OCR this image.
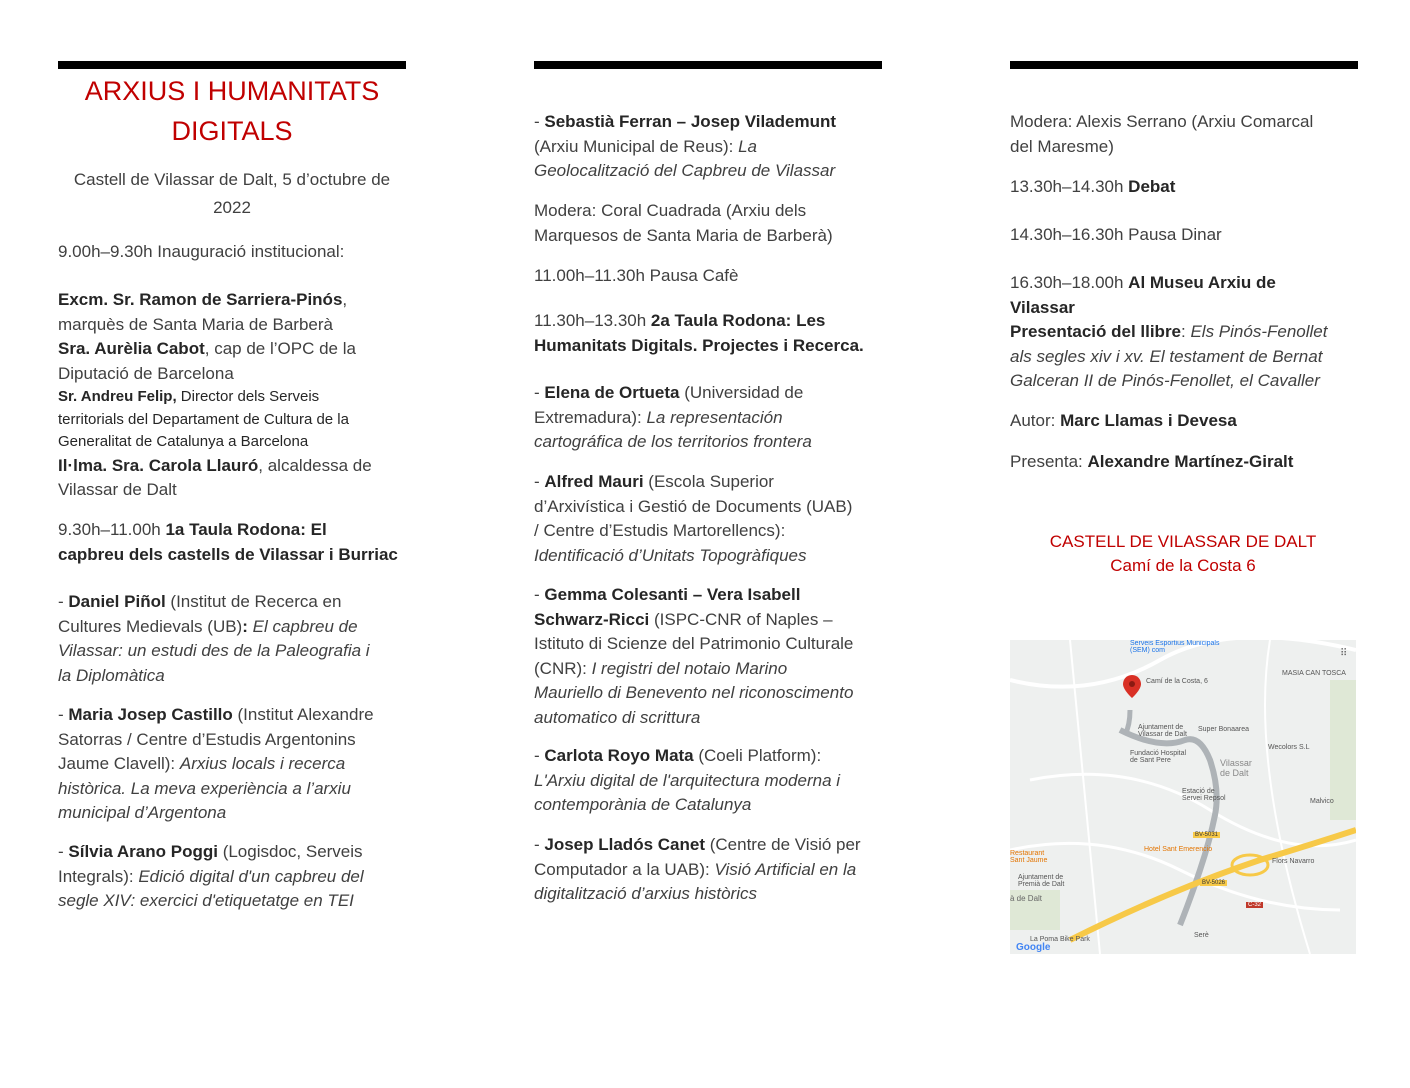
ARXIUS I HUMANITATS
DIGITALS
Castell de Vilassar de Dalt, 5 d’octubre de
2022

9.00h–9.30h Inauguració institucional:

Excm. Sr. Ramon de Sarriera-Pinós,

marquès de Santa Maria de Barberà

Sra. Aurèlia Cabot, cap de l’OPC de la

Diputació de Barcelona

Sr. Andreu Felip, Director dels Serveis
territorials del Departament de Cultura de la
Generalitat de Catalunya a Barcelona

Il·lma. Sra. Carola Llauró, alcaldessa de

Vilassar de Dalt

9.30h–11.00h 1a Taula Rodona: El

capbreu dels castells de Vilassar i Burriac

- Daniel Piñol (Institut de Recerca en

Cultures Medievals (UB): El capbreu de

Vilassar: un estudi des de la Paleografia i

la Diplomàtica

- Maria Josep Castillo (Institut Alexandre

Satorras / Centre d’Estudis Argentonins

Jaume Clavell): Arxius locals i recerca

històrica. La meva experiència a l’arxiu

municipal d’Argentona

- Sílvia Arano Poggi (Logisdoc, Serveis

Integrals): Edició digital d'un capbreu del

segle XIV: exercici d'etiquetatge en TEI

- Sebastià Ferran – Josep Vilademunt

(Arxiu Municipal de Reus): La

Geolocalització del Capbreu de Vilassar

Modera: Coral Cuadrada (Arxiu dels

Marquesos de Santa Maria de Barberà)

11.00h–11.30h Pausa Cafè

11.30h–13.30h 2a Taula Rodona: Les

Humanitats Digitals. Projectes i Recerca.

- Elena de Ortueta (Universidad de

Extremadura): La representación

cartográfica de los territorios frontera

- Alfred Mauri (Escola Superior

d’Arxivística i Gestió de Documents (UAB)

/ Centre d’Estudis Martorellencs):

Identificació d’Unitats Topogràfiques

- Gemma Colesanti – Vera Isabell

Schwarz-Ricci (ISPC-CNR of Naples –

Istituto di Scienze del Patrimonio Culturale

(CNR): I registri del notaio Marino

Mauriello di Benevento nel riconoscimento

automatico di scrittura

- Carlota Royo Mata (Coeli Platform):

L'Arxiu digital de l'arquitectura moderna i

contemporània de Catalunya

- Josep Lladós Canet (Centre de Visió per

Computador a la UAB): Visió Artificial en la

digitalització d’arxius històrics

Modera: Alexis Serrano (Arxiu Comarcal

del Maresme)

13.30h–14.30h Debat

14.30h–16.30h Pausa Dinar

16.30h–18.00h Al Museu Arxiu de

Vilassar

Presentació del llibre: Els Pinós-Fenollet

als segles xiv i xv. El testament de Bernat

Galceran II de Pinós-Fenollet, el Cavaller

Autor: Marc Llamas i Devesa

Presenta: Alexandre Martínez-Giralt

CASTELL DE VILASSAR DE DALT
Camí de la Costa 6
Camí de la Costa, 6
Serveis Esportius Municipals (SEM) com
MASIA CAN TOSCA
Ajuntament de Vilassar de Dalt
Super Bonaarea
Fundació Hospital de Sant Pere
Wecolors S.L
Vilassar de Dalt
Estació de Servei Repsol	Malvico
Restaurant Sant Jaume
Hotel Sant Emerencio
Ajuntament de Premià de Dalt
Flors Navarro
à de Dalt
La Poma Bike Park
Serè
BV-5031
BV-5026
C-32
Google
⠿
